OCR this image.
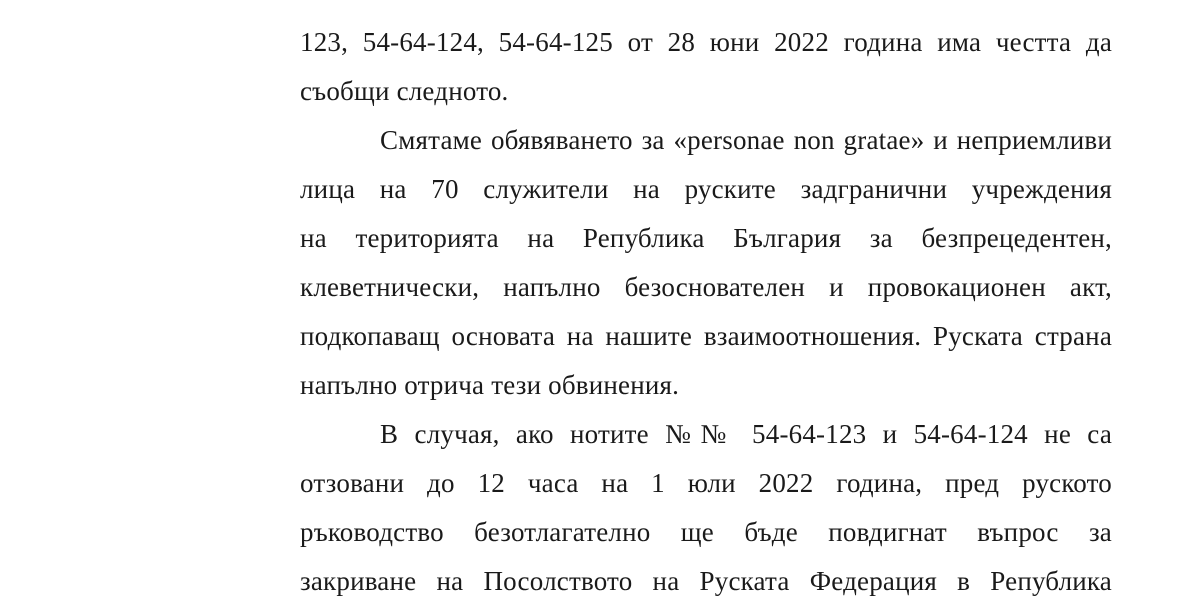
123, 54-64-124, 54-64-125 от 28 юни 2022 година има честта да
съобщи следното.
Смятаме обявяването за «personae non gratae» и неприемливи
лица на 70 служители на руските задгранични учреждения
на територията на Република България за безпрецедентен,
клеветнически, напълно безоснователен и провокационен акт,
подкопаващ основата на нашите взаимоотношения. Руската страна
напълно отрича тези обвинения.
В случая, ако нотите №№ 54-64-123 и 54-64-124 не са
отзовани до 12 часа на 1 юли 2022 година, пред руското
ръководство безотлагателно ще бъде повдигнат въпрос за
закриване на Посолството на Руската Федерация в Република
